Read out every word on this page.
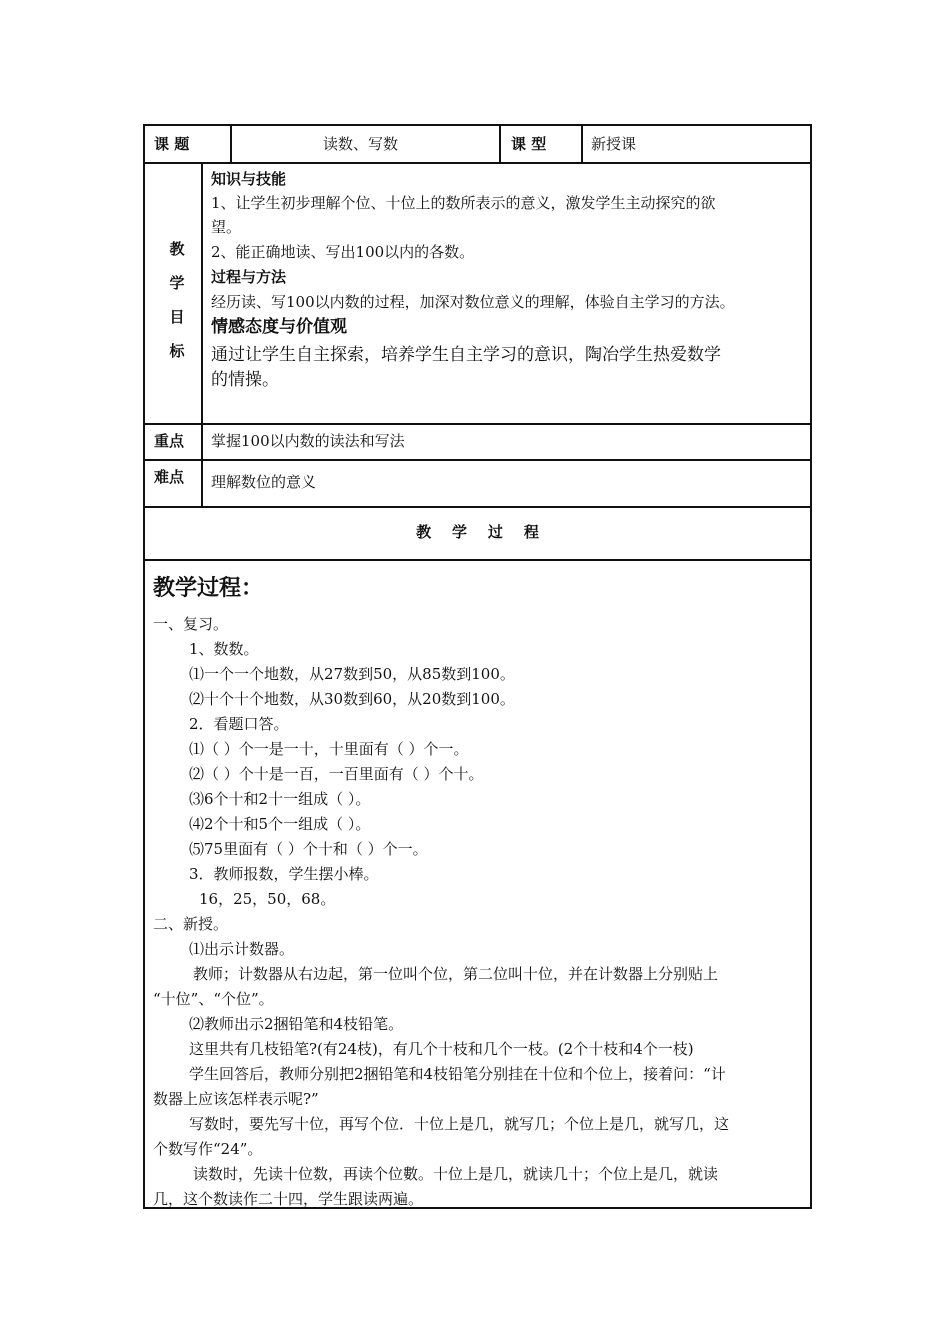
课 题	读数、写数	课 型	新授课
教
学
目
标
知识与技能
1、让学生初步理解个位、十位上的数所表示的意义，激发学生主动探究的欲
望。
2、能正确地读、写出100以内的各数。
过程与方法
经历读、写100以内数的过程，加深对数位意义的理解，体验自主学习的方法。
情感态度与价值观
通过让学生自主探索，培养学生自主学习的意识，陶冶学生热爱数学
的情操。
重点 掌握100以内数的读法和写法
难点 理解数位的意义
教    学    过    程
教学过程：
一、复习。
1、数数。
⑴一个一个地数，从27数到50，从85数到100。
⑵十个十个地数，从30数到60，从20数到100。
2．看题口答。
⑴（ ）个一是一十，十里面有（ ）个一。
⑵（ ）个十是一百，一百里面有（ ）个十。
⑶6个十和2十一组成（ ）。
⑷2个十和5个一组成（ ）。
⑸75里面有（ ）个十和（ ）个一。
3．教师报数，学生摆小棒。
16，25，50，68。
二、新授。
⑴出示计数器。
教师；计数器从右边起，第一位叫个位，第二位叫十位，并在计数器上分别贴上
“十位”、“个位”。
⑵教师出示2捆铅笔和4枝铅笔。
这里共有几枝铅笔?(有24枝)，有几个十枝和几个一枝。(2个十枝和4个一枝)
学生回答后，教师分别把2捆铅笔和4枝铅笔分别挂在十位和个位上，接着问：“计
数器上应该怎样表示呢?”
写数时，要先写十位，再写个位．十位上是几，就写几；个位上是几，就写几，这
个数写作“24”。
读数时，先读十位数，再读个位數。十位上是几，就读几十；个位上是几，就读
几，这个数读作二十四，学生跟读两遍。
